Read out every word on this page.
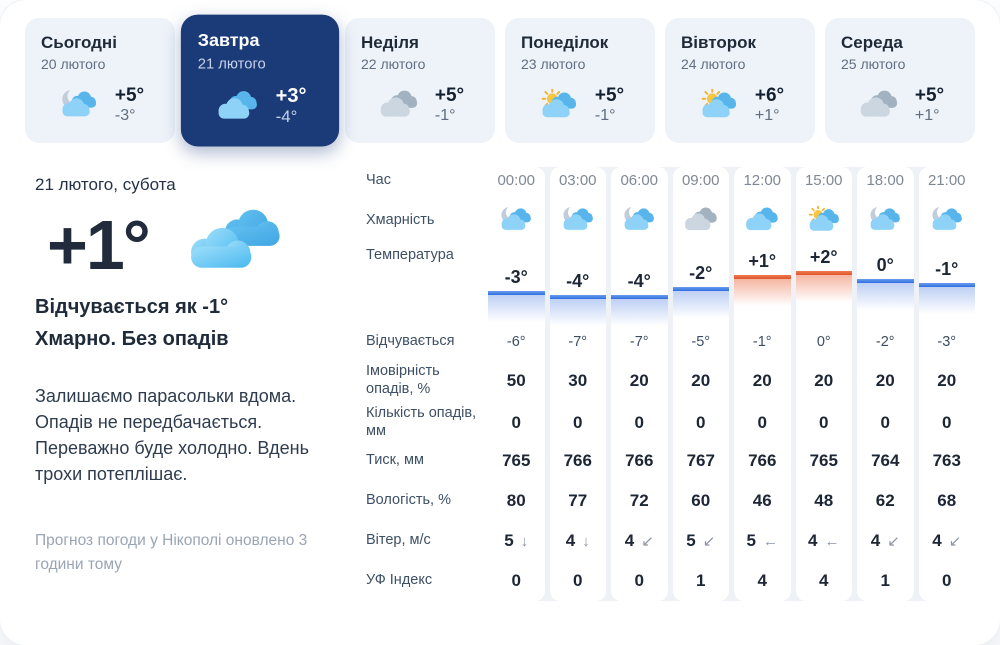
Сьогодні
20 лютого
+5°
-3°
Завтра
21 лютого
+3°
-4°
Неділя
22 лютого
+5°
-1°
Понеділок
23 лютого
+5°
-1°
Вівторок
24 лютого
+6°
+1°
Середа
25 лютого
+5°
+1°
21 лютого, субота
+1°
Відчувається як -1°
Хмарно. Без опадів
Залишаємо парасольки вдома. Опадів не передбачається. Переважно буде холодно. Вдень трохи потеплішає.
Прогноз погоди у Нікополі оновлено 3 години тому
Час
Хмарність
Температура
Відчувається
Імовірність опадів, %
Кількість опадів, мм
Тиск, мм
Вологість, %
Вітер, м/с
УФ Індекс
00:00
-3°
-6°
50
0
765
80
5 ↓
0
03:00
-4°
-7°
30
0
766
77
4 ↓
0
06:00
-4°
-7°
20
0
766
72
4 ↙
0
09:00
-2°
-5°
20
0
767
60
5 ↙
1
12:00
+1°
-1°
20
0
766
46
5 ←
4
15:00
+2°
0°
20
0
765
48
4 ←
4
18:00
0°
-2°
20
0
764
62
4 ↙
1
21:00
-1°
-3°
20
0
763
68
4 ↙
0
